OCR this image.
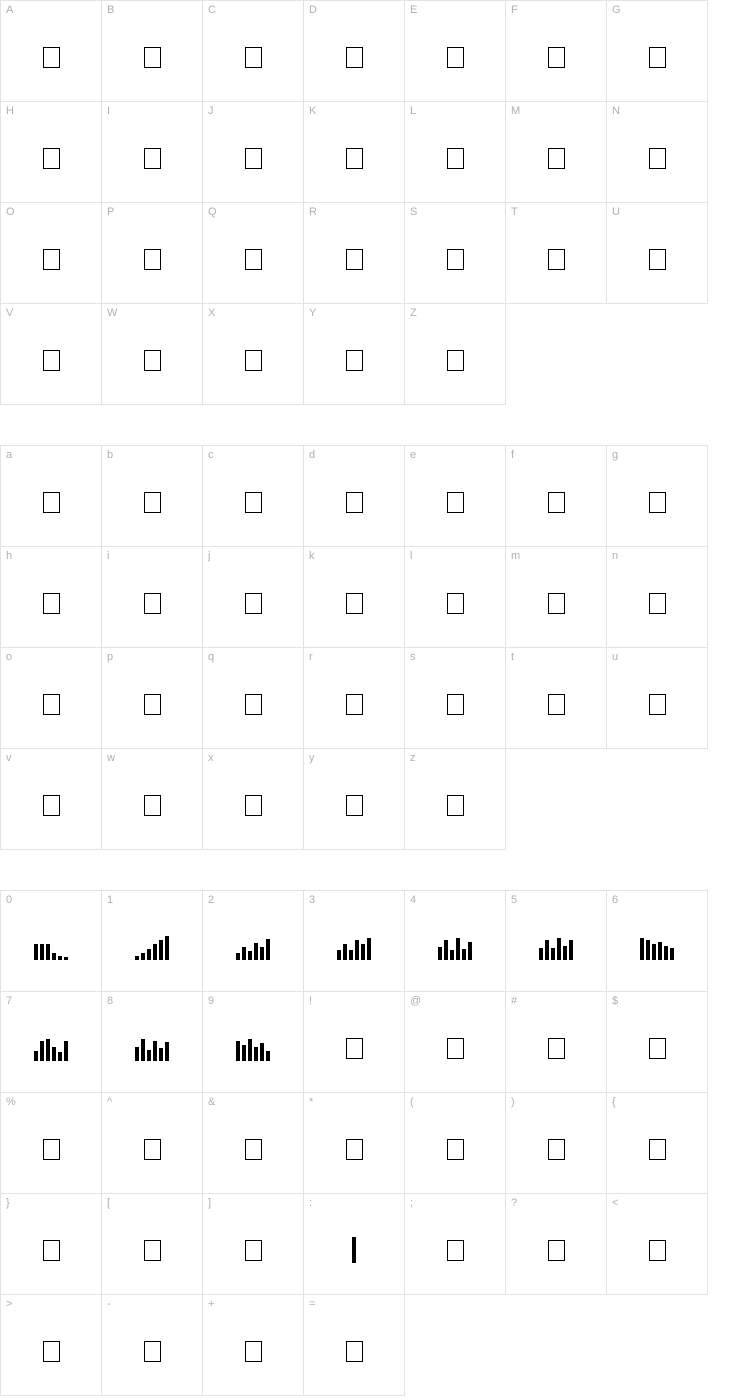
A	B	C	D	E	F	G

H	I	J	K	L	M	N

O	P	Q	R	S	T	U

V	W	X	Y	Z		

a	b	c	d	e	f	g

h	i	j	k	l	m	n

o	p	q	r	s	t	u

v	w	x	y	z		

0	1	2	3	4	5	6

7	8	9	!	@	#	$

%	^	&	*	(	)	{

}	[	]	:	;	?	<

>	-	+	=			
